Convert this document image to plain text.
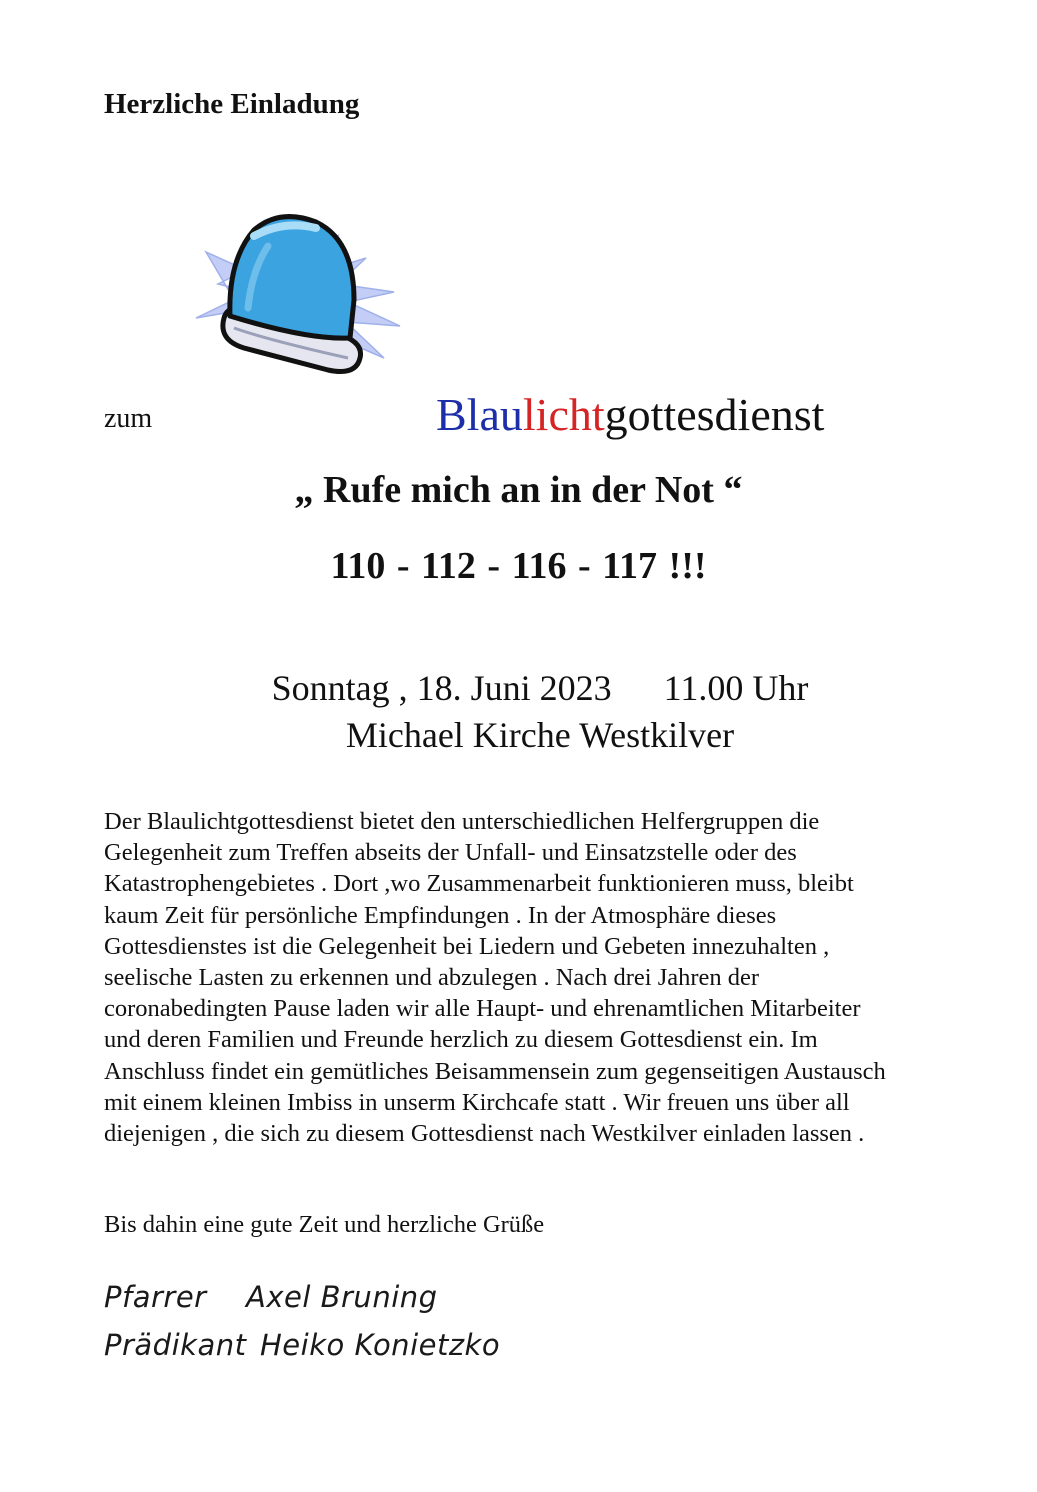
Herzliche Einladung
zum	Blaulichtgottesdienst
„ Rufe mich an in der Not “
110 - 112 - 116 - 117 !!!
Sonntag , 18. Juni 2023 11.00 Uhr
Michael Kirche Westkilver
Der Blaulichtgottesdienst bietet den unterschiedlichen Helfergruppen die
Gelegenheit zum Treffen abseits der Unfall- und Einsatzstelle oder des
Katastrophengebietes . Dort ,wo Zusammenarbeit funktionieren muss, bleibt
kaum Zeit für persönliche Empfindungen . In der Atmosphäre dieses
Gottesdienstes ist die Gelegenheit bei Liedern und Gebeten innezuhalten ,
seelische Lasten zu erkennen und abzulegen . Nach drei Jahren der
coronabedingten Pause laden wir alle Haupt- und ehrenamtlichen Mitarbeiter
und deren Familien und Freunde herzlich zu diesem Gottesdienst ein. Im
Anschluss findet ein gemütliches Beisammensein zum gegenseitigen Austausch
mit einem kleinen Imbiss in unserm Kirchcafe statt . Wir freuen uns über all
diejenigen , die sich zu diesem Gottesdienst nach Westkilver einladen lassen .
Bis dahin eine gute Zeit und herzliche Grüße
Pfarrer Axel Bruning
Prädikant Heiko Konietzko
